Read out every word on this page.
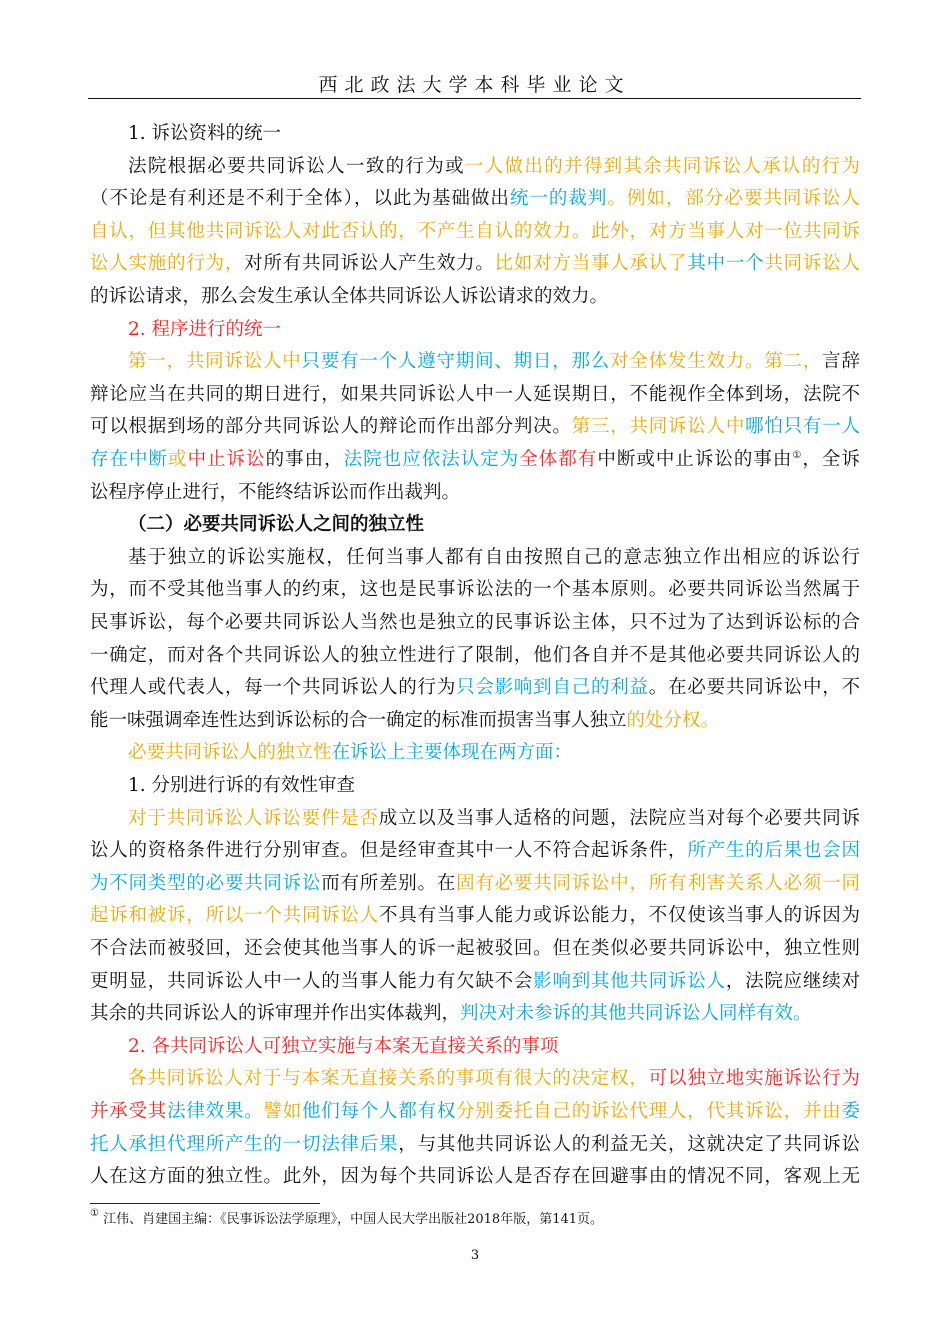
西北政法大学本科毕业论文
1. 诉讼资料的统一
法院根据必要共同诉讼人一致的行为或一人做出的并得到其余共同诉讼人承认的行为
（不论是有利还是不利于全体），以此为基础做出统一的裁判。例如，部分必要共同诉讼人
自认，但其他共同诉讼人对此否认的，不产生自认的效力。此外，对方当事人对一位共同诉
讼人实施的行为，对所有共同诉讼人产生效力。比如对方当事人承认了其中一个共同诉讼人
的诉讼请求，那么会发生承认全体共同诉讼人诉讼请求的效力。
2. 程序进行的统一
第一，共同诉讼人中只要有一个人遵守期间、期日，那么对全体发生效力。第二，言辞
辩论应当在共同的期日进行，如果共同诉讼人中一人延误期日，不能视作全体到场，法院不
可以根据到场的部分共同诉讼人的辩论而作出部分判决。第三，共同诉讼人中哪怕只有一人
存在中断或中止诉讼的事由，法院也应依法认定为全体都有中断或中止诉讼的事由①，全诉
讼程序停止进行，不能终结诉讼而作出裁判。
（二）必要共同诉讼人之间的独立性
基于独立的诉讼实施权，任何当事人都有自由按照自己的意志独立作出相应的诉讼行
为，而不受其他当事人的约束，这也是民事诉讼法的一个基本原则。必要共同诉讼当然属于
民事诉讼，每个必要共同诉讼人当然也是独立的民事诉讼主体，只不过为了达到诉讼标的合
一确定，而对各个共同诉讼人的独立性进行了限制，他们各自并不是其他必要共同诉讼人的
代理人或代表人，每一个共同诉讼人的行为只会影响到自己的利益。在必要共同诉讼中，不
能一味强调牵连性达到诉讼标的合一确定的标准而损害当事人独立的处分权。
必要共同诉讼人的独立性在诉讼上主要体现在两方面：
1. 分别进行诉的有效性审查
对于共同诉讼人诉讼要件是否成立以及当事人适格的问题，法院应当对每个必要共同诉
讼人的资格条件进行分别审查。但是经审查其中一人不符合起诉条件，所产生的后果也会因
为不同类型的必要共同诉讼而有所差别。在固有必要共同诉讼中，所有利害关系人必须一同
起诉和被诉，所以一个共同诉讼人不具有当事人能力或诉讼能力，不仅使该当事人的诉因为
不合法而被驳回，还会使其他当事人的诉一起被驳回。但在类似必要共同诉讼中，独立性则
更明显，共同诉讼人中一人的当事人能力有欠缺不会影响到其他共同诉讼人，法院应继续对
其余的共同诉讼人的诉审理并作出实体裁判，判决对未参诉的其他共同诉讼人同样有效。
2. 各共同诉讼人可独立实施与本案无直接关系的事项
各共同诉讼人对于与本案无直接关系的事项有很大的决定权，可以独立地实施诉讼行为
并承受其法律效果。譬如他们每个人都有权分别委托自己的诉讼代理人，代其诉讼，并由委
托人承担代理所产生的一切法律后果，与其他共同诉讼人的利益无关，这就决定了共同诉讼
人在这方面的独立性。此外，因为每个共同诉讼人是否存在回避事由的情况不同，客观上无
① 江伟、肖建国主编：《民事诉讼法学原理》，中国人民大学出版社2018年版，第141页。
3
